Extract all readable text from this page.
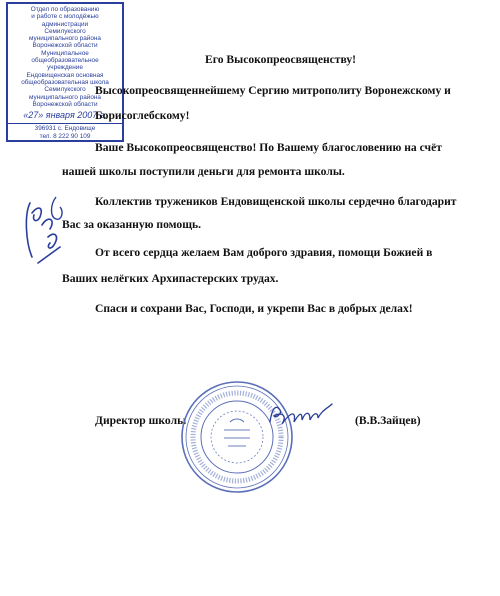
Отдел по образованию
и работе с молодёжью
администрации
Семилукского
муниципального района
Воронежской области
Муниципальное
общеобразовательное
учреждение
Ендовищенская основная
общеобразовательная школа
Семилукского
муниципального района
Воронежской области
«27» января 2007 г.
396931 с. Ендовище
тел. 8 222 90 109
Его Высокопреосвященству!
Высокопреосвященнейшему Сергию митрополиту Воронежскому и
Борисоглебскому!
Ваше Высокопреосвященство! По Вашему благословению на счёт
нашей школы поступили деньги для ремонта школы.
Коллектив тружеников Ендовищенской школы сердечно благодарит
Вас за оказанную помощь.
От всего сердца желаем Вам доброго здравия, помощи Божией в
Ваших нелёгких Архипастерских трудах.
Спаси и сохрани Вас, Господи, и укрепи Вас в добрых делах!
Директор школы	(В.В.Зайцев)
